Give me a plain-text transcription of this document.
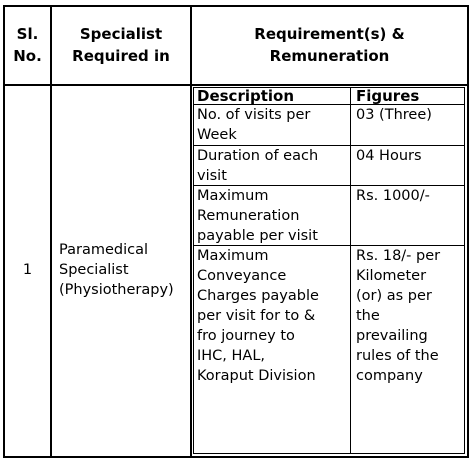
Sl.
No.
Specialist
Required in
Requirement(s) &
Remuneration
1
Paramedical
Specialist
(Physiotherapy)
Description	Figures
No. of visits per
Week
03 (Three)
Duration of each
visit
04 Hours
Maximum
Remuneration
payable per visit
Rs. 1000/-
Maximum
Conveyance
Charges payable
per visit for to &
fro journey to
IHC, HAL,
Koraput Division
Rs. 18/- per
Kilometer
(or) as per
the
prevailing
rules of the
company
